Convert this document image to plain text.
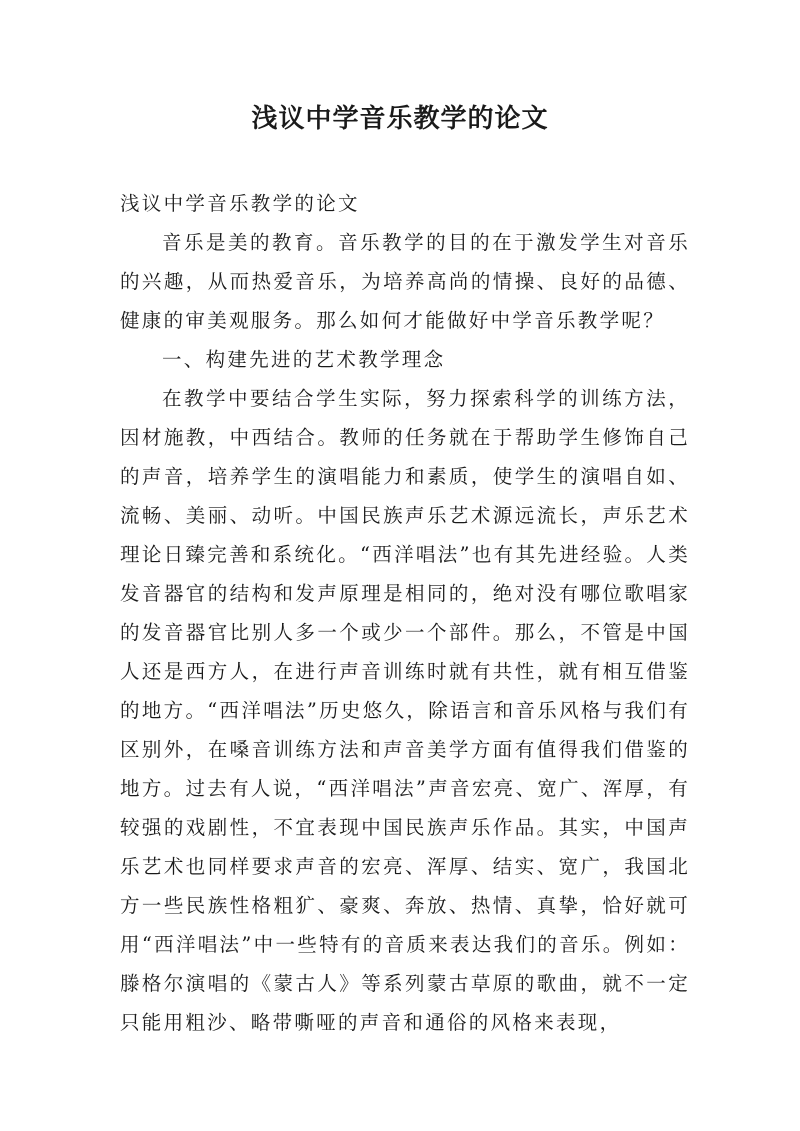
浅议中学音乐教学的论文

浅议中学音乐教学的论文

音乐是美的教育。音乐教学的目的在于激发学生对音乐的兴趣，从而热爱音乐，为培养高尚的情操、良好的品德、健康的审美观服务。那么如何才能做好中学音乐教学呢？

一、构建先进的艺术教学理念

在教学中要结合学生实际，努力探索科学的训练方法，因材施教，中西结合。教师的任务就在于帮助学生修饰自己的声音，培养学生的演唱能力和素质，使学生的演唱自如、流畅、美丽、动听。中国民族声乐艺术源远流长，声乐艺术理论日臻完善和系统化。“西洋唱法”也有其先进经验。人类发音器官的结构和发声原理是相同的，绝对没有哪位歌唱家的发音器官比别人多一个或少一个部件。那么，不管是中国人还是西方人，在进行声音训练时就有共性，就有相互借鉴的地方。“西洋唱法”历史悠久，除语言和音乐风格与我们有区别外，在嗓音训练方法和声音美学方面有值得我们借鉴的地方。过去有人说，“西洋唱法”声音宏亮、宽广、浑厚，有较强的戏剧性，不宜表现中国民族声乐作品。其实，中国声乐艺术也同样要求声音的宏亮、浑厚、结实、宽广，我国北方一些民族性格粗犷、豪爽、奔放、热情、真挚，恰好就可用“西洋唱法”中一些特有的音质来表达我们的音乐。例如：滕格尔演唱的《蒙古人》等系列蒙古草原的歌曲，就不一定只能用粗沙、略带嘶哑的声音和通俗的风格来表现，
